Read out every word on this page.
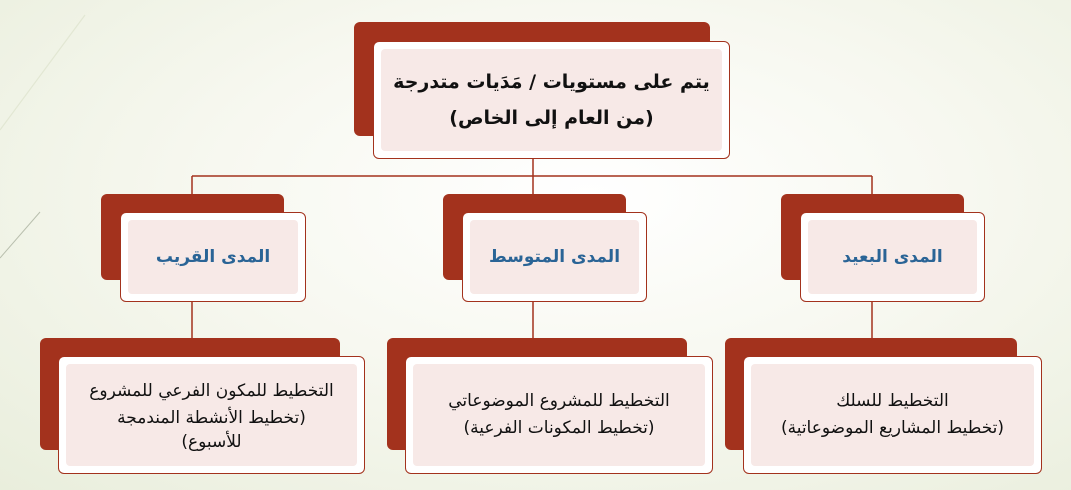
يتم على مستويات / مَدَيات متدرجة
(من العام إلى الخاص)
المدى القريب	المدى المتوسط	المدى البعيد
التخطيط للمكون الفرعي للمشروع
(تخطيط الأنشطة المندمجة
للأسبوع)
التخطيط للمشروع الموضوعاتي
(تخطيط المكونات الفرعية)
التخطيط للسلك
(تخطيط المشاريع الموضوعاتية)
